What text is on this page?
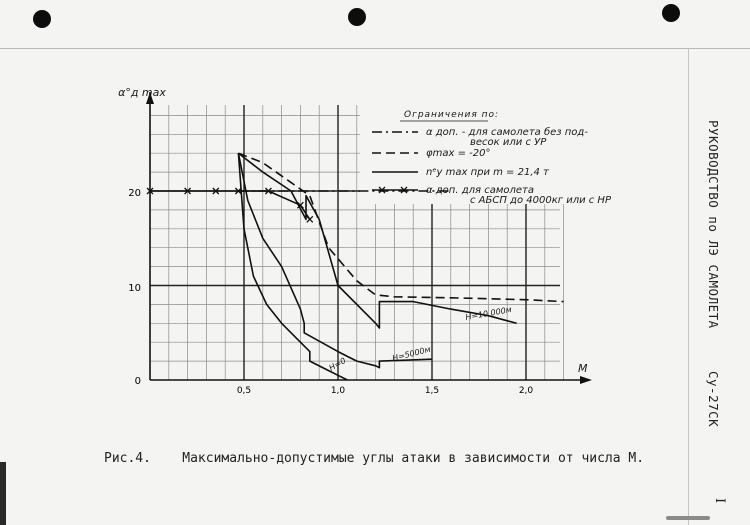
РУКОВОДСТВО по ЛЭ САМОЛЕТА Су-27СК
I
α°д max
M
0
10
20
0,5	1,0	1,5	2,0
Ограничения по:
α доп. - для самолета без под-
весок или с УР
φmax = -20°
nᵉy max при m = 21,4 т
α доп. для самолета
с АБСП до 4000кг или с НР
H=0
H=5000м
H=10 000м
Рис.4. Максимально-допустимые углы атаки в зависимости от числа М.
